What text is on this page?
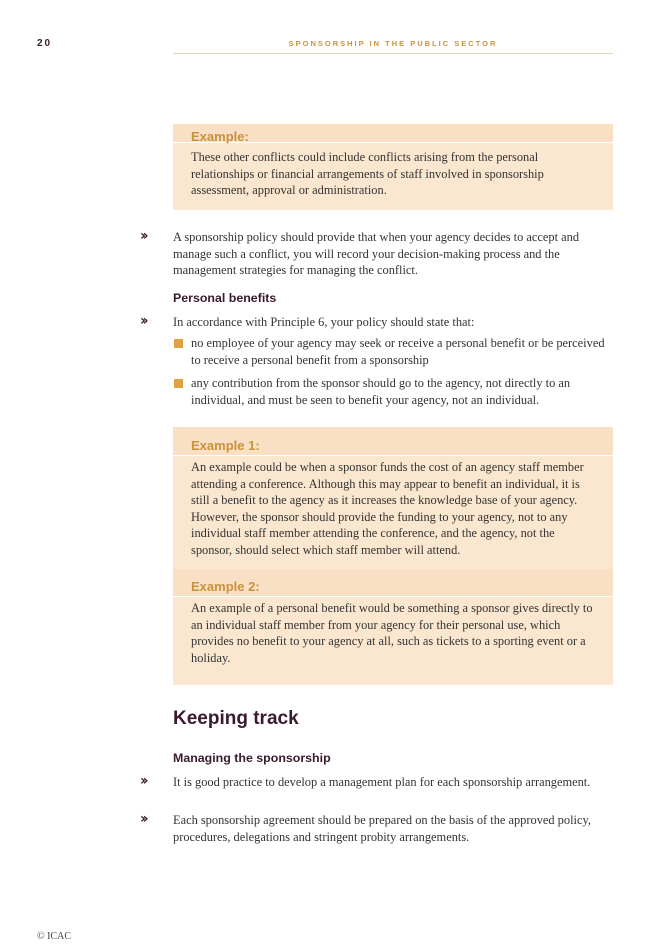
20	SPONSORSHIP IN THE PUBLIC SECTOR
Example:
These other conflicts could include conflicts arising from the personal relationships or financial arrangements of staff involved in sponsorship assessment, approval or administration.
›› A sponsorship policy should provide that when your agency decides to accept and manage such a conflict, you will record your decision-making process and the management strategies for managing the conflict.
Personal benefits
›› In accordance with Principle 6, your policy should state that:
no employee of your agency may seek or receive a personal benefit or be perceived to receive a personal benefit from a sponsorship
any contribution from the sponsor should go to the agency, not directly to an individual, and must be seen to benefit your agency, not an individual.
Example 1:
An example could be when a sponsor funds the cost of an agency staff member attending a conference. Although this may appear to benefit an individual, it is still a benefit to the agency as it increases the knowledge base of your agency. However, the sponsor should provide the funding to your agency, not to any individual staff member attending the conference, and the agency, not the sponsor, should select which staff member will attend.
Example 2:
An example of a personal benefit would be something a sponsor gives directly to an individual staff member from your agency for their personal use, which provides no benefit to your agency at all, such as tickets to a sporting event or a holiday.
Keeping track
Managing the sponsorship
›› It is good practice to develop a management plan for each sponsorship arrangement.
›› Each sponsorship agreement should be prepared on the basis of the approved policy, procedures, delegations and stringent probity arrangements.
© ICAC
